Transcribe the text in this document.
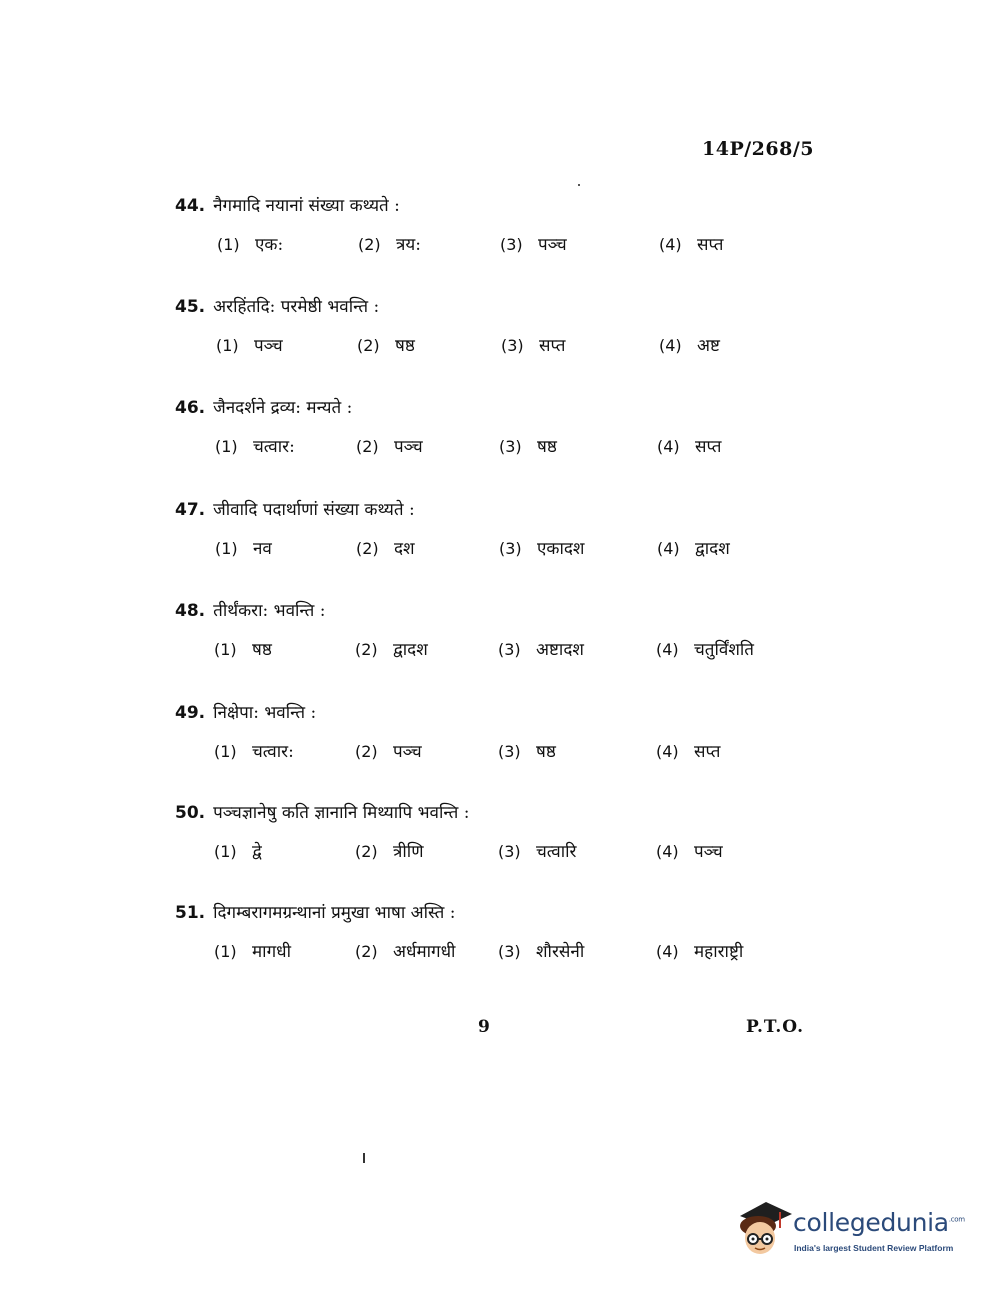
14P/268/5
44. नैगमादि नयानां संख्या कथ्यते :
(1) एक:	(2) त्रय:	(3) पञ्च	(4) सप्त
45. अरहिंतदि: परमेष्ठी भवन्ति :
(1) पञ्च	(2) षष्ठ	(3) सप्त	(4) अष्ट
46. जैनदर्शने द्रव्य: मन्यते :
(1) चत्वार:	(2) पञ्च	(3) षष्ठ	(4) सप्त
47. जीवादि पदार्थाणां संख्या कथ्यते :
(1) नव	(2) दश	(3) एकादश	(4) द्वादश
48. तीर्थंकरा: भवन्ति :
(1) षष्ठ	(2) द्वादश	(3) अष्टादश	(4) चतुर्विंशति
49. निक्षेपा: भवन्ति :
(1) चत्वार:	(2) पञ्च	(3) षष्ठ	(4) सप्त
50. पञ्चज्ञानेषु कति ज्ञानानि मिथ्यापि भवन्ति :
(1) द्वे	(2) त्रीणि	(3) चत्वारि	(4) पञ्च
51. दिगम्बरागमग्रन्थानां प्रमुखा भाषा अस्ति :
(1) मागधी	(2) अर्धमागधी	(3) शौरसेनी	(4) महाराष्ट्री
9	P.T.O.
collegedunia$^{.com}$
India's largest Student Review Platform
